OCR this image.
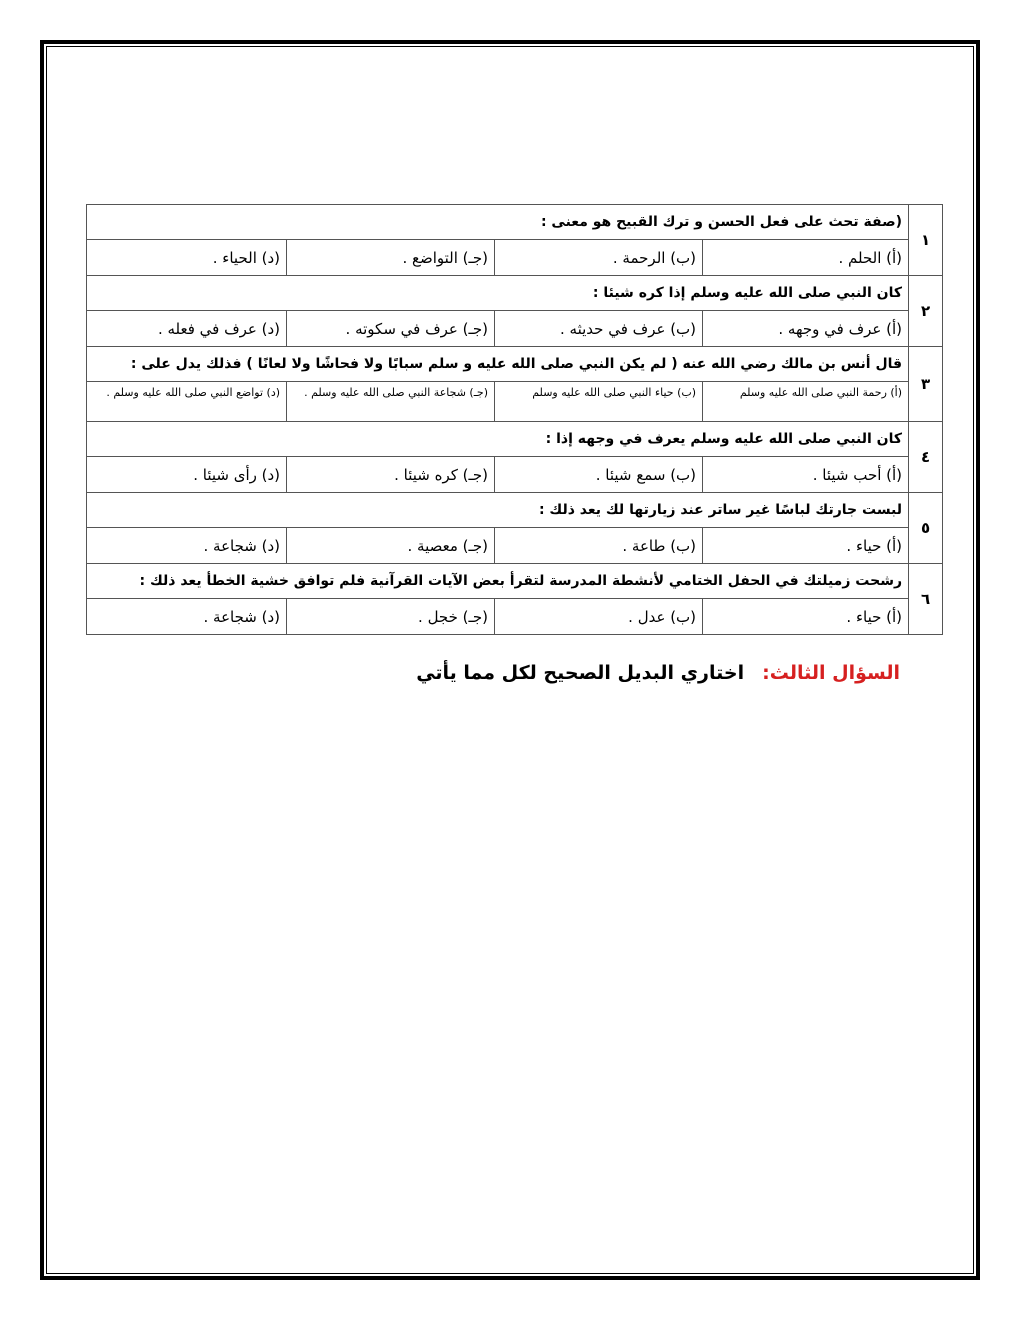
١	(صفة تحث على فعل الحسن و ترك القبيح هو معنى :			
	(أ) الحلم .	(ب) الرحمة .	(جـ) التواضع .	(د) الحياء .
٢	كان النبي صلى الله عليه وسلم إذا كره شيئا :			
	(أ) عرف في وجهه .	(ب) عرف في حديثه .	(جـ) عرف في سكوته .	(د) عرف في فعله .
٣	قال أنس بن مالك رضي الله عنه ( لم يكن النبي صلى الله عليه و سلم سبابًا ولا فحاشًا ولا لعانًا ) فذلك يدل على :			
	(أ) رحمة النبي صلى الله عليه وسلم	(ب) حياء النبي صلى الله عليه وسلم	(جـ) شجاعة النبي صلى الله عليه وسلم .	(د) تواضع النبي صلى الله عليه وسلم .
٤	كان النبي صلى الله عليه وسلم يعرف في وجهه إذا :			
	(أ) أحب شيئا .	(ب) سمع شيئا .	(جـ) كره شيئا .	(د) رأى شيئا .
٥	لبست جارتك لباسًا غير ساتر عند زيارتها لك يعد ذلك :			
	(أ) حياء .	(ب) طاعة .	(جـ) معصية .	(د) شجاعة .
٦	رشحت زميلتك في الحفل الختامي لأنشطة المدرسة لتقرأ بعض الآيات القرآنية فلم توافق خشية الخطأ يعد ذلك :			
	(أ) حياء .	(ب) عدل .	(جـ) خجل .	(د) شجاعة .
السؤال الثالث:اختاري البديل الصحيح لكل مما يأتي
